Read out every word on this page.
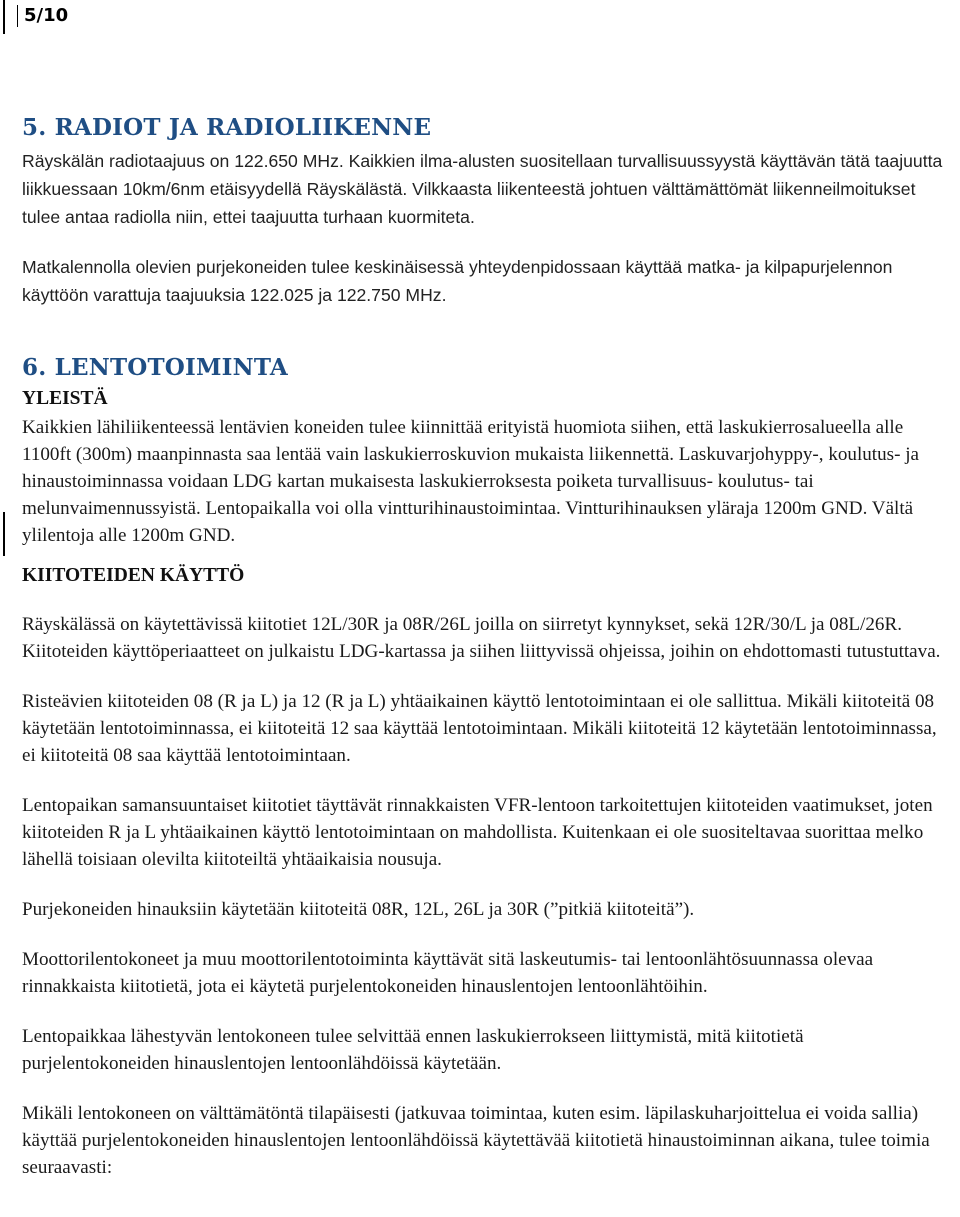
5/10
5. RADIOT JA RADIOLIIKENNE

Räyskälän radiotaajuus on 122.650 MHz. Kaikkien ilma-alusten suositellaan turvallisuussyystä käyttävän tätä taajuutta liikkuessaan 10km/6nm etäisyydellä Räyskälästä. Vilkkaasta liikenteestä johtuen välttämättömät liikenneilmoitukset tulee antaa radiolla niin, ettei taajuutta turhaan kuormiteta.

Matkalennolla olevien purjekoneiden tulee keskinäisessä yhteydenpidossaan käyttää matka- ja kilpapurjelennon käyttöön varattuja taajuuksia 122.025 ja 122.750 MHz.

6. LENTOTOIMINTA

YLEISTÄ

Kaikkien lähiliikenteessä lentävien koneiden tulee kiinnittää erityistä huomiota siihen, että laskukierrosalueella alle 1100ft (300m) maanpinnasta saa lentää vain laskukierroskuvion mukaista liikennettä. Laskuvarjohyppy-, koulutus- ja hinaustoiminnassa voidaan LDG kartan mukaisesta laskukierroksesta poiketa turvallisuus- koulutus- tai melunvaimennussyistä. Lentopaikalla voi olla vintturihinaustoimintaa. Vintturihinauksen yläraja 1200m GND. Vältä ylilentoja alle 1200m GND.

KIITOTEIDEN KÄYTTÖ

Räyskälässä on käytettävissä kiitotiet 12L/30R ja 08R/26L joilla on siirretyt kynnykset, sekä 12R/30/L ja 08L/26R. Kiitoteiden käyttöperiaatteet on julkaistu LDG-kartassa ja siihen liittyvissä ohjeissa, joihin on ehdottomasti tutustuttava.

Risteävien kiitoteiden 08 (R ja L) ja 12 (R ja L) yhtäaikainen käyttö lentotoimintaan ei ole sallittua. Mikäli kiitoteitä 08 käytetään lentotoiminnassa, ei kiitoteitä 12 saa käyttää lentotoimintaan. Mikäli kiitoteitä 12 käytetään lentotoiminnassa, ei kiitoteitä 08 saa käyttää lentotoimintaan.

Lentopaikan samansuuntaiset kiitotiet täyttävät rinnakkaisten VFR-lentoon tarkoitettujen kiitoteiden vaatimukset, joten kiitoteiden R ja L yhtäaikainen käyttö lentotoimintaan on mahdollista. Kuitenkaan ei ole suositeltavaa suorittaa melko lähellä toisiaan olevilta kiitoteiltä yhtäaikaisia nousuja.

Purjekoneiden hinauksiin käytetään kiitoteitä 08R, 12L, 26L ja 30R (”pitkiä kiitoteitä”).

Moottorilentokoneet ja muu moottorilentotoiminta käyttävät sitä laskeutumis- tai lentoonlähtösuunnassa olevaa rinnakkaista kiitotietä, jota ei käytetä purjelentokoneiden hinauslentojen lentoonlähtöihin.

Lentopaikkaa lähestyvän lentokoneen tulee selvittää ennen laskukierrokseen liittymistä, mitä kiitotietä purjelentokoneiden hinauslentojen lentoonlähdöissä käytetään.

Mikäli lentokoneen on välttämätöntä tilapäisesti (jatkuvaa toimintaa, kuten esim. läpilaskuharjoittelua ei voida sallia) käyttää purjelentokoneiden hinauslentojen lentoonlähdöissä käytettävää kiitotietä hinaustoiminnan aikana, tulee toimia seuraavasti:
